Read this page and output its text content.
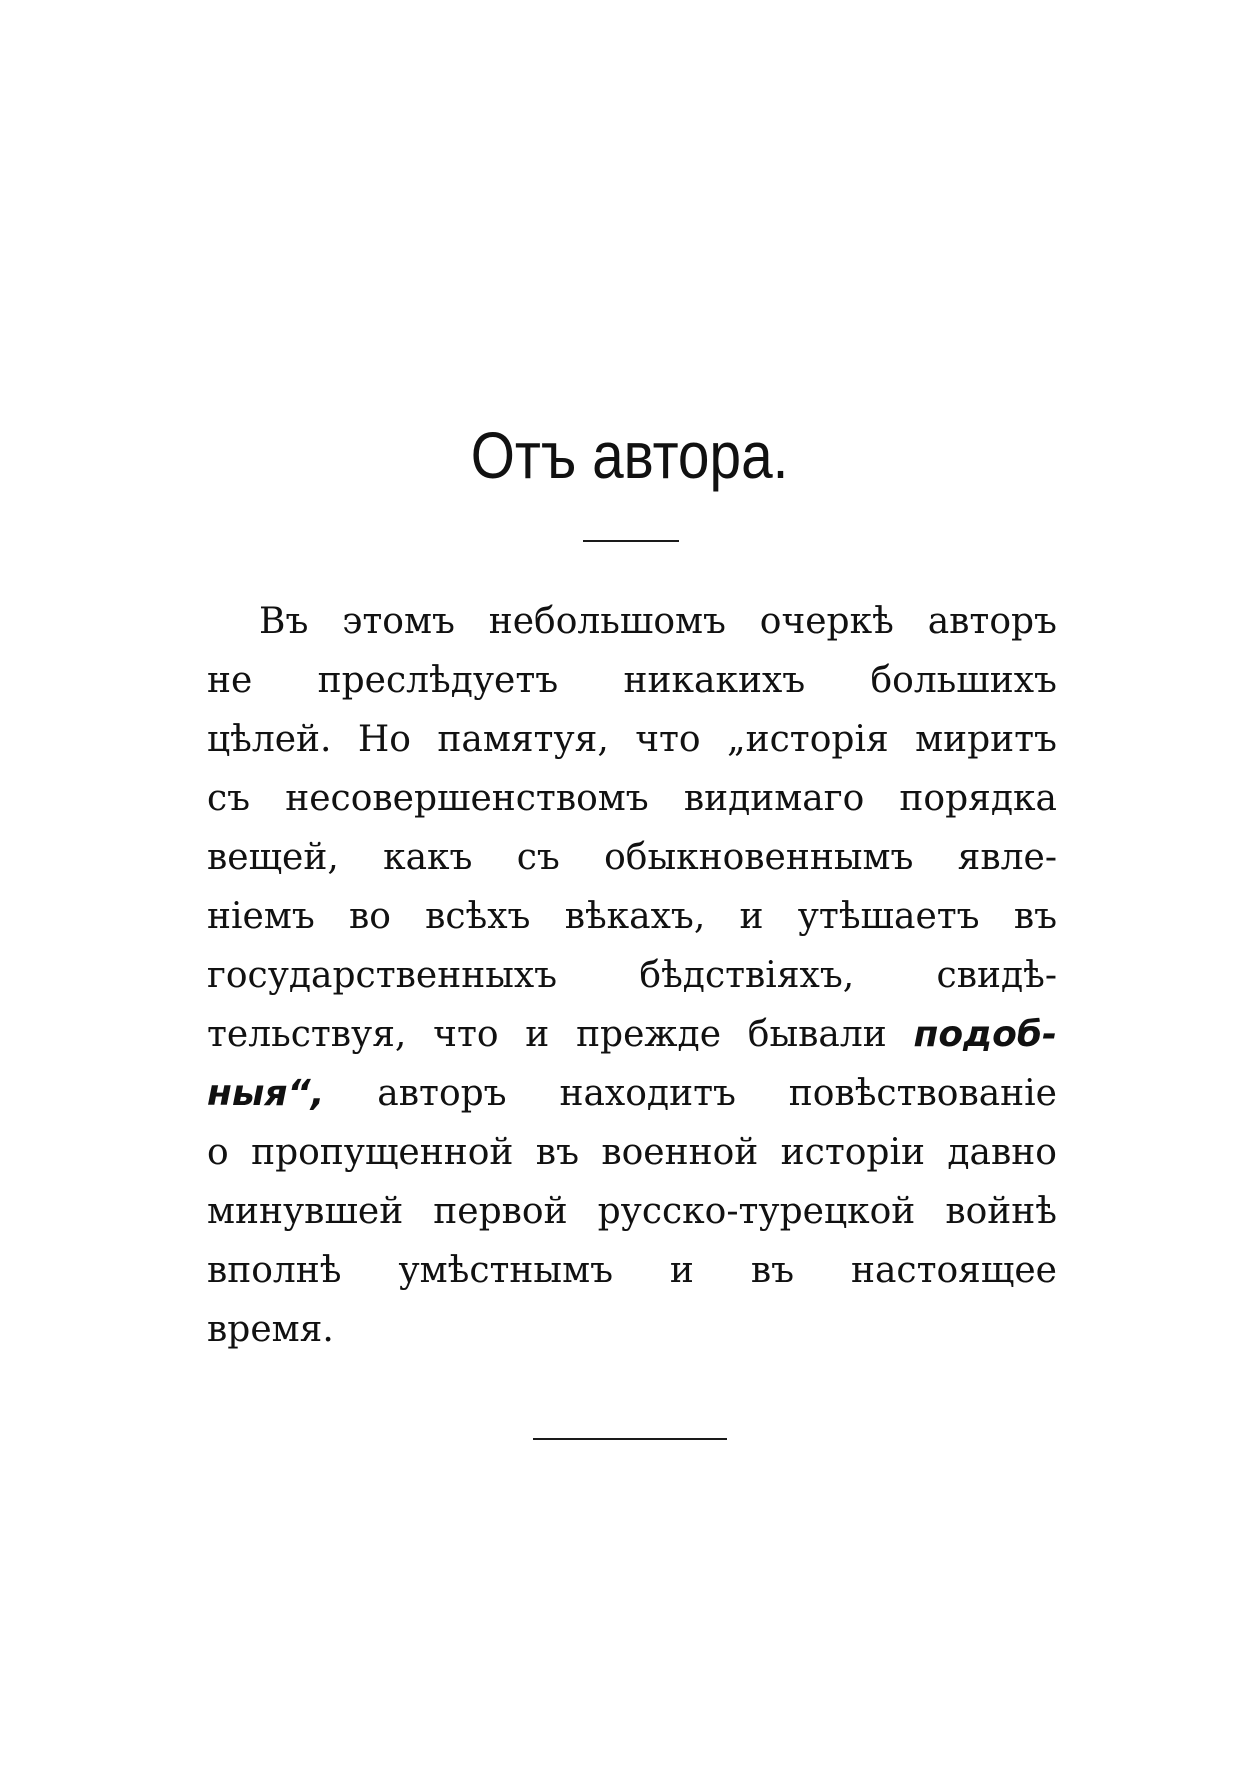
Отъ автора.
Въ этомъ небольшомъ очеркѣ авторъ
не преслѣдуетъ никакихъ большихъ
цѣлей. Но памятуя, что „исторія миритъ
съ несовершенствомъ видимаго порядка
вещей, какъ съ обыкновеннымъ явле-
ніемъ во всѣхъ вѣкахъ, и утѣшаетъ въ
государственныхъ бѣдствіяхъ, свидѣ-
тельствуя, что и прежде бывали подоб-
ныя“, авторъ находитъ повѣствованіе
о пропущенной въ военной исторіи давно
минувшей первой русско-турецкой войнѣ
вполнѣ умѣстнымъ и въ настоящее
время.
